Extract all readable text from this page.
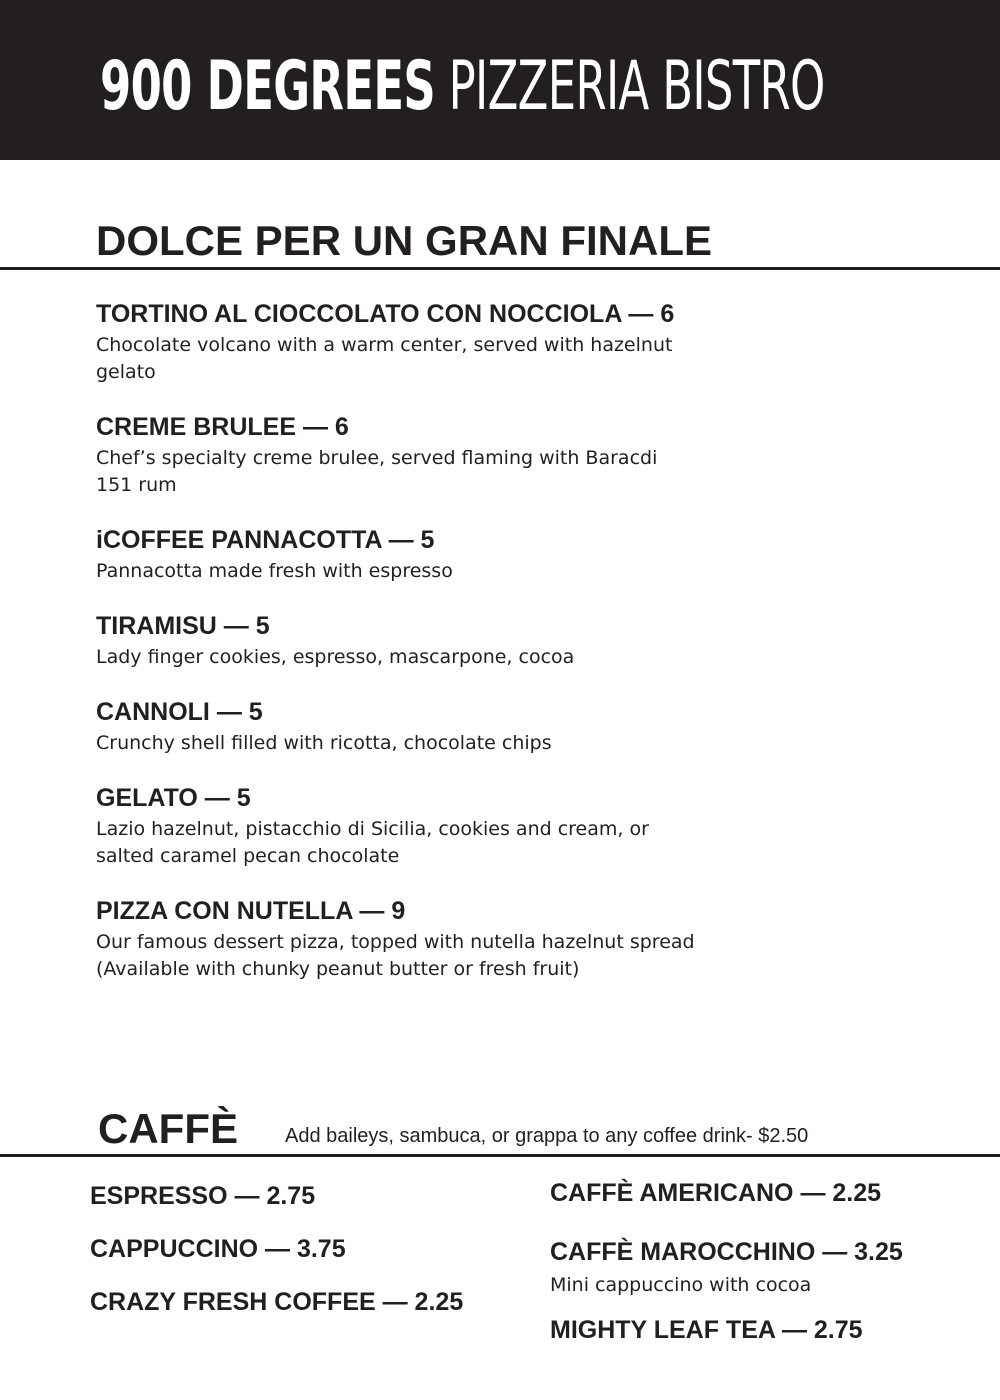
900 DEGREES PIZZERIA BISTRO
DOLCE PER UN GRAN FINALE
TORTINO AL CIOCCOLATO CON NOCCIOLA — 6
Chocolate volcano with a warm center, served with hazelnut gelato
CREME BRULEE — 6
Chef’s specialty creme brulee, served flaming with Baracdi 151 rum
iCOFFEE PANNACOTTA — 5
Pannacotta made fresh with espresso
TIRAMISU — 5
Lady finger cookies, espresso, mascarpone, cocoa
CANNOLI — 5
Crunchy shell filled with ricotta, chocolate chips
GELATO — 5
Lazio hazelnut, pistacchio di Sicilia, cookies and cream, or salted caramel pecan chocolate
PIZZA CON NUTELLA — 9
Our famous dessert pizza, topped with nutella hazelnut spread
(Available with chunky peanut butter or fresh fruit)
CAFFÈ Add baileys, sambuca, or grappa to any coffee drink- $2.50
ESPRESSO — 2.75
CAPPUCCINO — 3.75
CRAZY FRESH COFFEE — 2.25
CAFFÈ AMERICANO — 2.25
CAFFÈ MAROCCHINO — 3.25
Mini cappuccino with cocoa
MIGHTY LEAF TEA — 2.75
